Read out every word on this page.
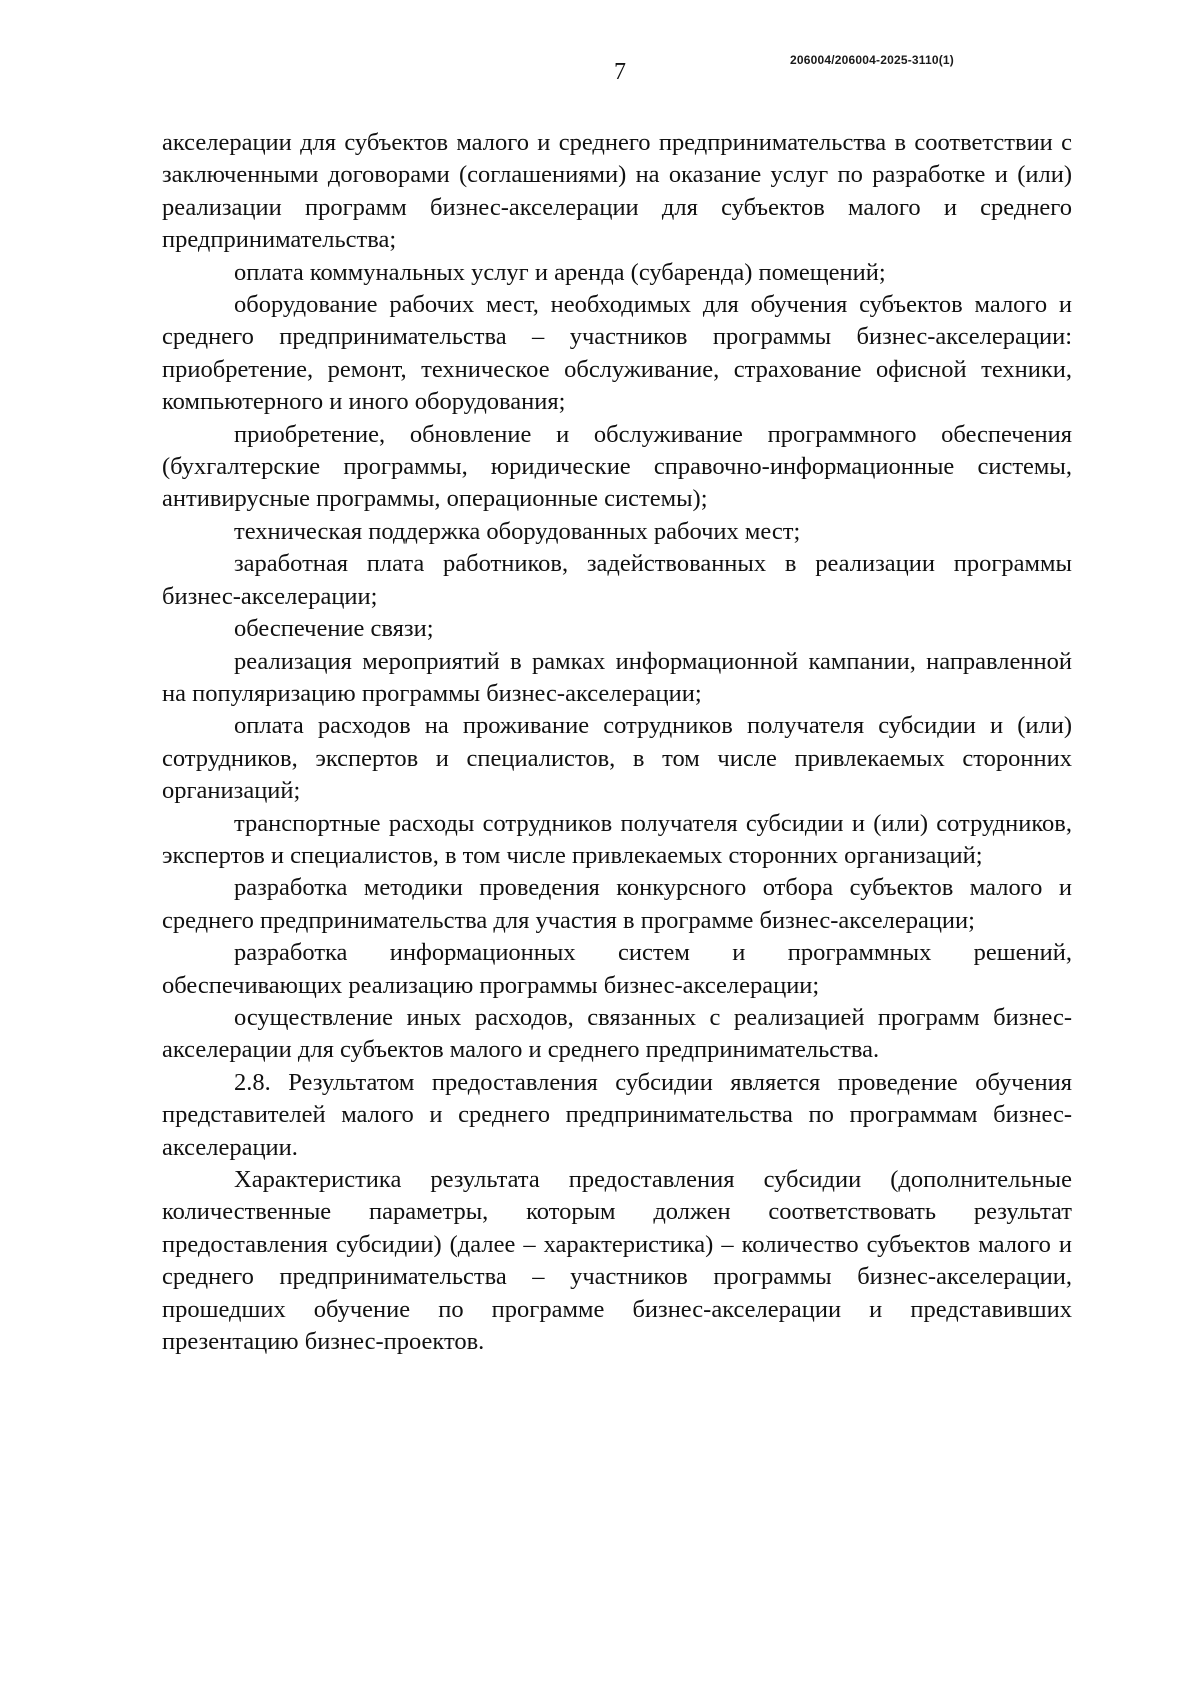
7	206004/206004-2025-3110(1)

акселерации для субъектов малого и среднего предпринимательства в соответствии с заключенными договорами (соглашениями) на оказание услуг по разработке и (или) реализации программ бизнес-акселерации для субъектов малого и среднего предпринимательства;

оплата коммунальных услуг и аренда (субаренда) помещений;

оборудование рабочих мест, необходимых для обучения субъектов малого и среднего предпринимательства – участников программы бизнес-акселерации: приобретение, ремонт, техническое обслуживание, страхование офисной техники, компьютерного и иного оборудования;

приобретение, обновление и обслуживание программного обеспечения (бухгалтерские программы, юридические справочно-информационные системы, антивирусные программы, операционные системы);

техническая поддержка оборудованных рабочих мест;

заработная плата работников, задействованных в реализации программы бизнес-акселерации;

обеспечение связи;

реализация мероприятий в рамках информационной кампании, направленной на популяризацию программы бизнес-акселерации;

оплата расходов на проживание сотрудников получателя субсидии и (или) сотрудников, экспертов и специалистов, в том числе привлекаемых сторонних организаций;

транспортные расходы сотрудников получателя субсидии и (или) сотрудников, экспертов и специалистов, в том числе привлекаемых сторонних организаций;

разработка методики проведения конкурсного отбора субъектов малого и среднего предпринимательства для участия в программе бизнес-акселерации;

разработка информационных систем и программных решений, обеспечивающих реализацию программы бизнес-акселерации;

осуществление иных расходов, связанных с реализацией программ бизнес-акселерации для субъектов малого и среднего предпринимательства.

2.8. Результатом предоставления субсидии является проведение обучения представителей малого и среднего предпринимательства по программам бизнес-акселерации.

Характеристика результата предоставления субсидии (дополнительные количественные параметры, которым должен соответствовать результат предоставления субсидии) (далее – характеристика) – количество субъектов малого и среднего предпринимательства – участников программы бизнес-акселерации, прошедших обучение по программе бизнес-акселерации и представивших презентацию бизнес-проектов.
